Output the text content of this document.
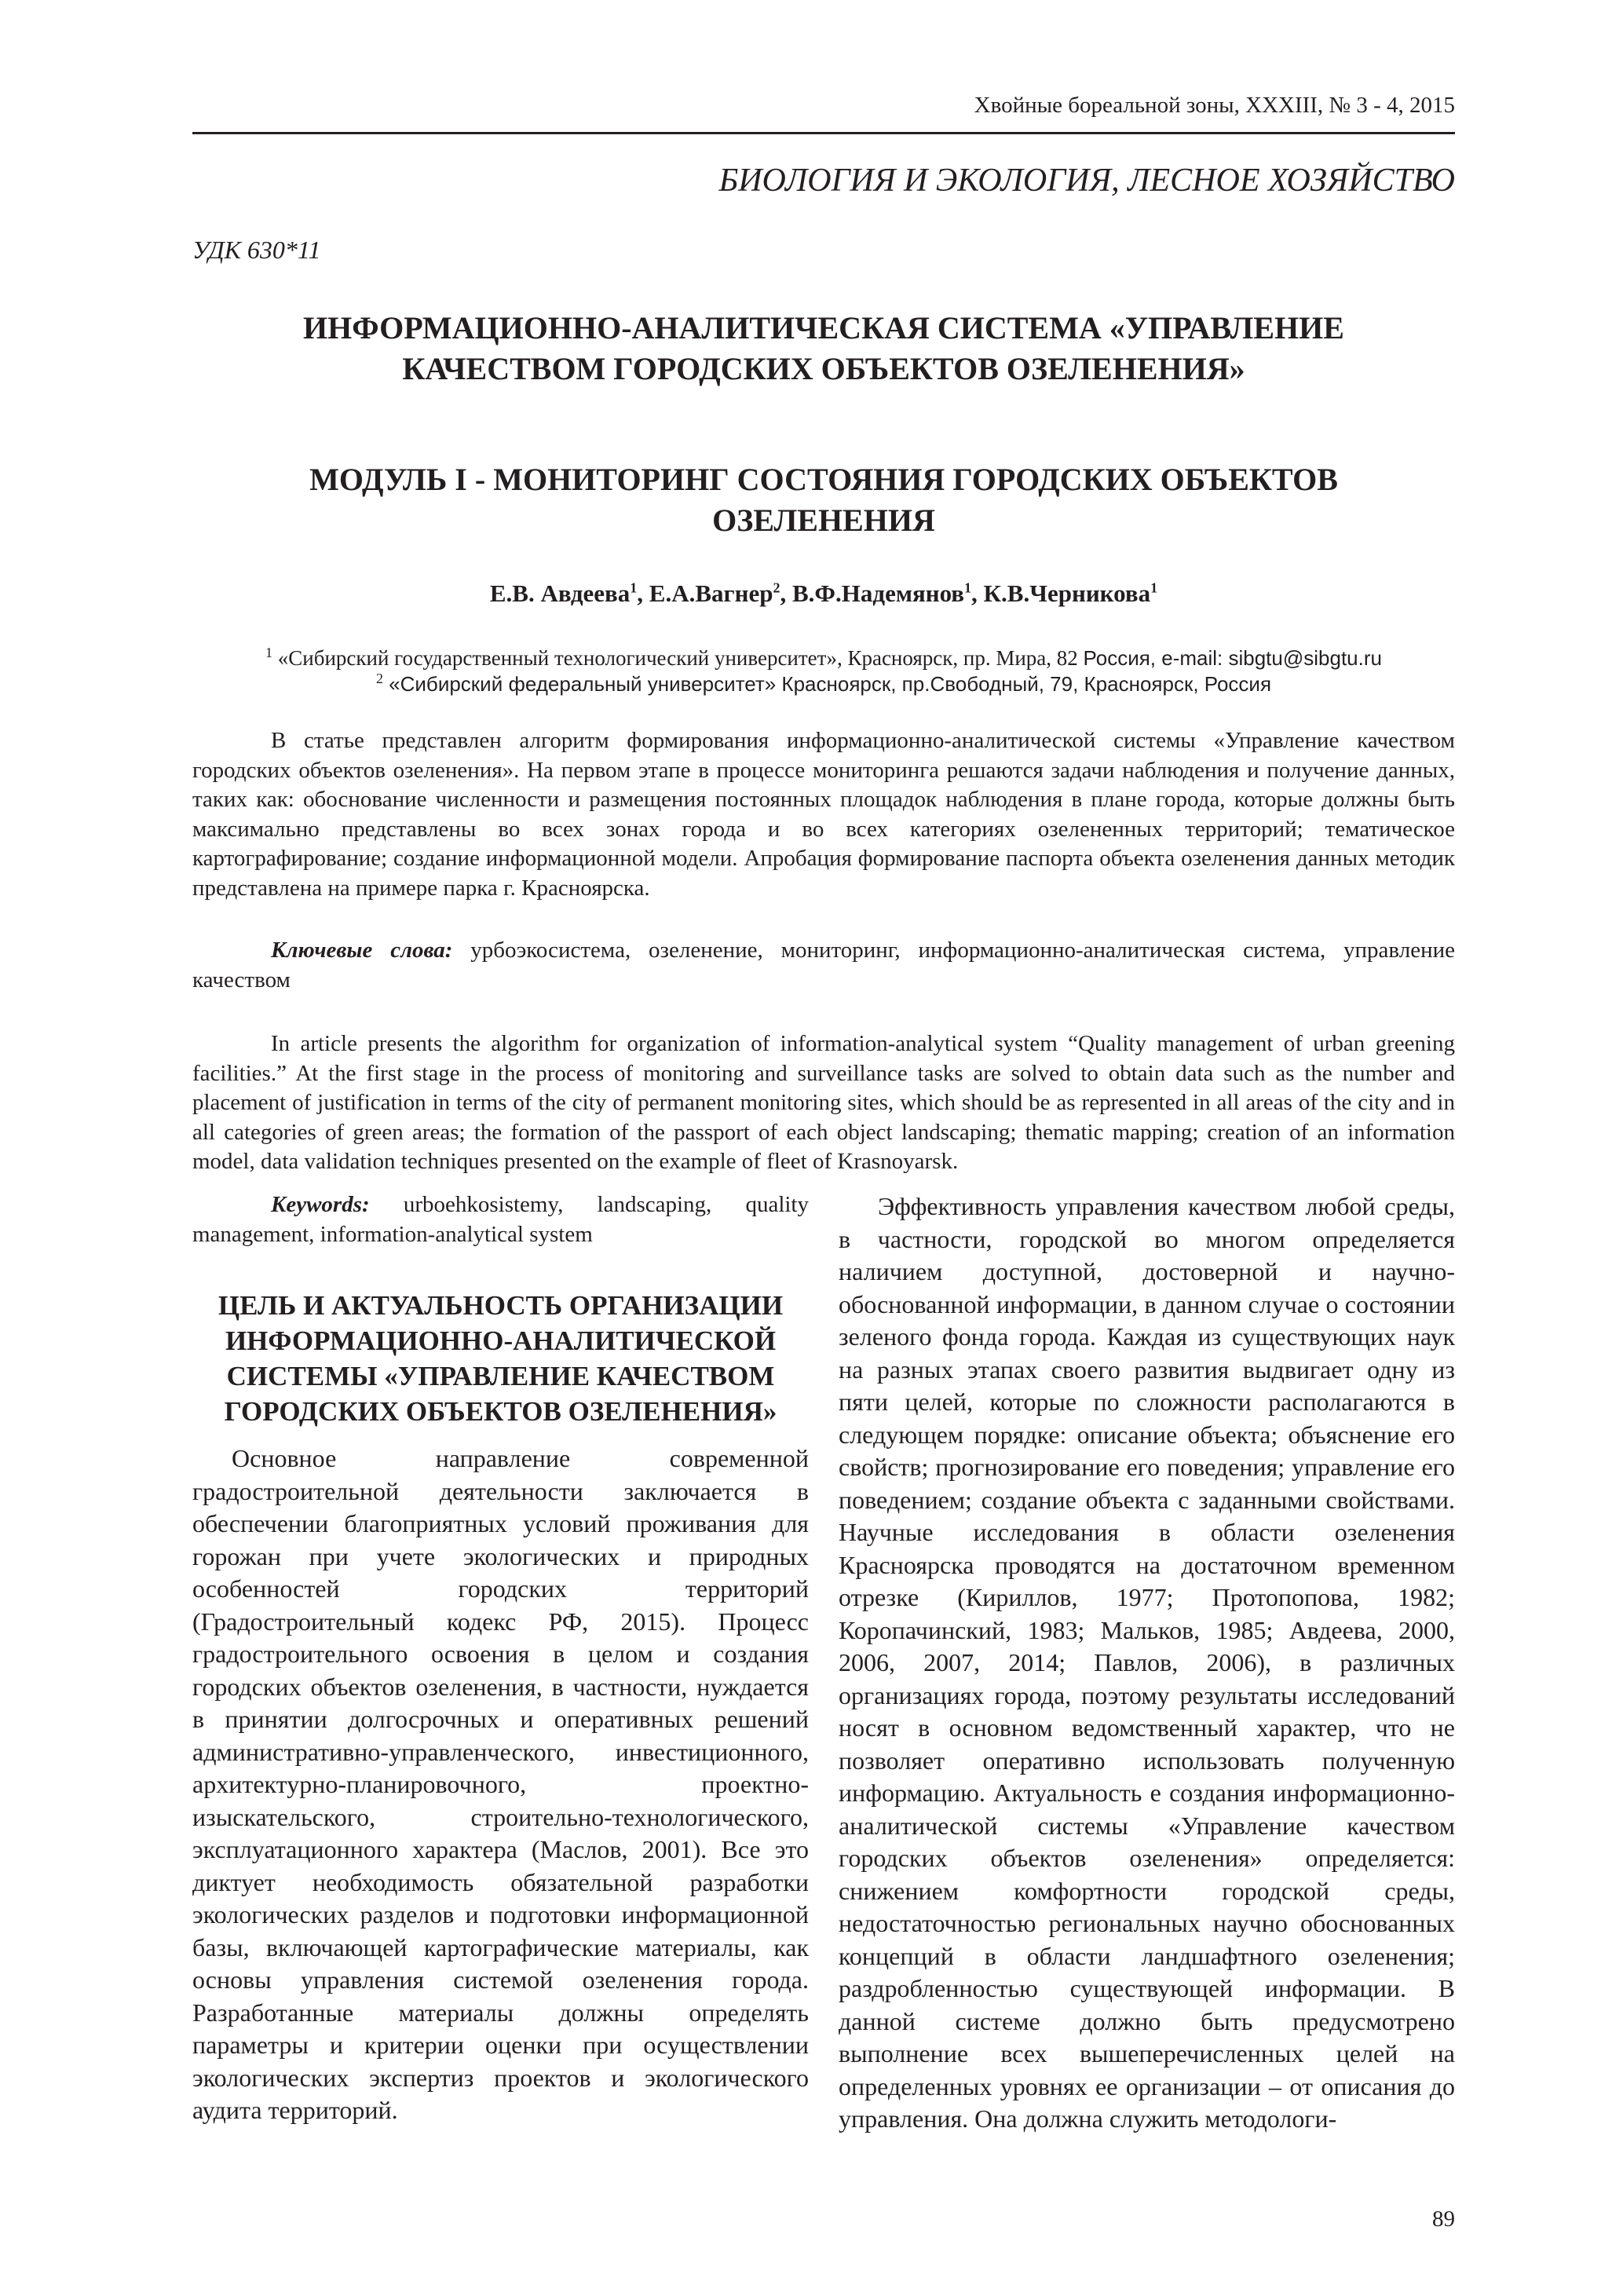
Хвойные бореальной зоны, XXXIII, № 3 - 4, 2015
БИОЛОГИЯ И ЭКОЛОГИЯ, ЛЕСНОЕ ХОЗЯЙСТВО
УДК 630*11
ИНФОРМАЦИОННО-АНАЛИТИЧЕСКАЯ СИСТЕМА «УПРАВЛЕНИЕ
КАЧЕСТВОМ ГОРОДСКИХ ОБЪЕКТОВ ОЗЕЛЕНЕНИЯ»
МОДУЛЬ I - МОНИТОРИНГ СОСТОЯНИЯ ГОРОДСКИХ ОБЪЕКТОВ
ОЗЕЛЕНЕНИЯ
Е.В. Авдеева$^1$, Е.А.Вагнер$^2$, В.Ф.Надемянов$^1$, К.В.Черникова$^1$
$^1$ «Сибирский государственный технологический университет», Красноярск, пр. Мира, 82 Россия, e-mail: sibgtu@sibgtu.ru
$^2$ «Сибирский федеральный университет» Красноярск, пр.Свободный, 79, Красноярск, Россия

В статье представлен алгоритм формирования информационно-аналитической системы «Управление качеством городских объектов озеленения». На первом этапе в процессе мониторинга решаются задачи наблюдения и получение данных, таких как: обоснование численности и размещения постоянных площадок наблюдения в плане города, которые должны быть максимально представлены во всех зонах города и во всех категориях озелененных территорий; тематическое картографирование; создание информационной модели. Апробация формирование паспорта объекта озеленения данных методик представлена на примере парка г. Красноярска.

Ключевые слова: урбоэкосистема, озеленение, мониторинг, информационно-аналитическая система, управление качеством

In article presents the algorithm for organization of information-analytical system “Quality management of urban greening facilities.” At the first stage in the process of monitoring and surveillance tasks are solved to obtain data such as the number and placement of justification in terms of the city of permanent monitoring sites, which should be as represented in all areas of the city and in all categories of green areas; the formation of the passport of each object landscaping; thematic mapping; creation of an information model, data validation techniques presented on the example of fleet of Krasnoyarsk.

Keywords: urboehkosistemy, landscaping, quality management, information-analytical system

ЦЕЛЬ И АКТУАЛЬНОСТЬ ОРГАНИЗАЦИИ ИНФОРМАЦИОННО-АНАЛИТИЧЕСКОЙ СИСТЕМЫ «УПРАВЛЕНИЕ КАЧЕСТВОМ ГОРОДСКИХ ОБЪЕКТОВ ОЗЕЛЕНЕНИЯ»

Основное направление современной градостроительной деятельности заключается в обеспечении благоприятных условий проживания для горожан при учете экологических и природных особенностей городских территорий (Градостроительный кодекс РФ, 2015). Процесс градостроительного освоения в целом и создания городских объектов озеленения, в частности, нуждается в принятии долгосрочных и оперативных решений административно-управленческого, инвестиционного, архитектурно-планировочного, проектно-изыскательского, строительно-технологического, эксплуатационного характера (Маслов, 2001). Все это диктует необходимость обязательной разработки экологических разделов и подготовки информационной базы, включающей картографические материалы, как основы управления системой озеленения города. Разработанные материалы должны определять параметры и критерии оценки при осуществлении экологических экспертиз проектов и экологического аудита территорий.

Эффективность управления качеством любой среды, в частности, городской во многом определяется наличием доступной, достоверной и научно-обоснованной информации, в данном случае о состоянии зеленого фонда города. Каждая из существующих наук на разных этапах своего развития выдвигает одну из пяти целей, которые по сложности располагаются в следующем порядке: описание объекта; объяснение его свойств; прогнозирование его поведения; управление его поведением; создание объекта с заданными свойствами. Научные исследования в области озеленения Красноярска проводятся на достаточном временном отрезке (Кириллов, 1977; Протопопова, 1982; Коропачинский, 1983; Мальков, 1985; Авдеева, 2000, 2006, 2007, 2014; Павлов, 2006), в различных организациях города, поэтому результаты исследований носят в основном ведомственный характер, что не позволяет оперативно использовать полученную информацию. Актуальность е создания информационно-аналитической системы «Управление качеством городских объектов озеленения» определяется: снижением комфортности городской среды, недостаточностью региональных научно обоснованных концепций в области ландшафтного озеленения; раздробленностью существующей информации. В данной системе должно быть предусмотрено выполнение всех вышеперечисленных целей на определенных уровнях ее организации – от описания до управления. Она должна служить методологи-

89
